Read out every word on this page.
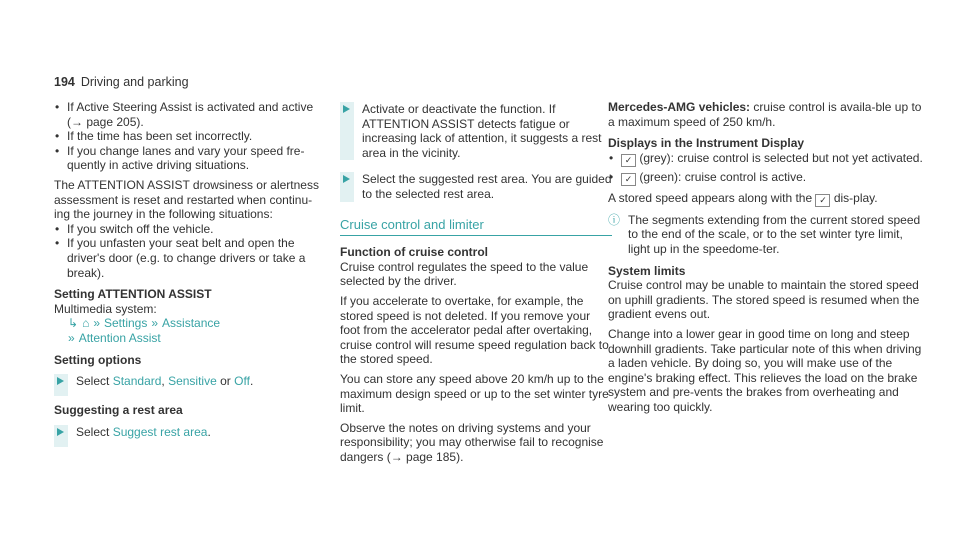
194 Driving and parking
• If Active Steering Assist is activated and active (→ page 205).
• If the time has been set incorrectly.
• If you change lanes and vary your speed fre-quently in active driving situations.
The ATTENTION ASSIST drowsiness or alertness assessment is reset and restarted when continu-ing the journey in the following situations:
• If you switch off the vehicle.
• If you unfasten your seat belt and open the driver's door (e.g. to change drivers or take a break).
Setting ATTENTION ASSIST
Multimedia system:
↳ ⌂ » Settings » Assistance
» Attention Assist
Setting options
Select Standard, Sensitive or Off.
Suggesting a rest area
Select Suggest rest area.
Activate or deactivate the function. If ATTENTION ASSIST detects fatigue or increasing lack of attention, it suggests a rest area in the vicinity.
Select the suggested rest area. You are guided to the selected rest area.
Cruise control and limiter
Function of cruise control
Cruise control regulates the speed to the value selected by the driver.
If you accelerate to overtake, for example, the stored speed is not deleted. If you remove your foot from the accelerator pedal after overtaking, cruise control will resume speed regulation back to the stored speed.
You can store any speed above 20 km/h up to the maximum design speed or up to the set winter tyre limit.
Observe the notes on driving systems and your responsibility; you may otherwise fail to recognise dangers (→ page 185).
Mercedes-AMG vehicles: cruise control is availa-ble up to a maximum speed of 250 km/h.
Displays in the Instrument Display
• ✓ (grey): cruise control is selected but not yet activated.
• ✓ (green): cruise control is active.
A stored speed appears along with the ✓ dis-play.
ⓘ The segments extending from the current stored speed to the end of the scale, or to the set winter tyre limit, light up in the speedome-ter.
System limits
Cruise control may be unable to maintain the stored speed on uphill gradients. The stored speed is resumed when the gradient evens out.
Change into a lower gear in good time on long and steep downhill gradients. Take particular note of this when driving a laden vehicle. By doing so, you will make use of the engine's braking effect. This relieves the load on the brake system and pre-vents the brakes from overheating and wearing too quickly.
